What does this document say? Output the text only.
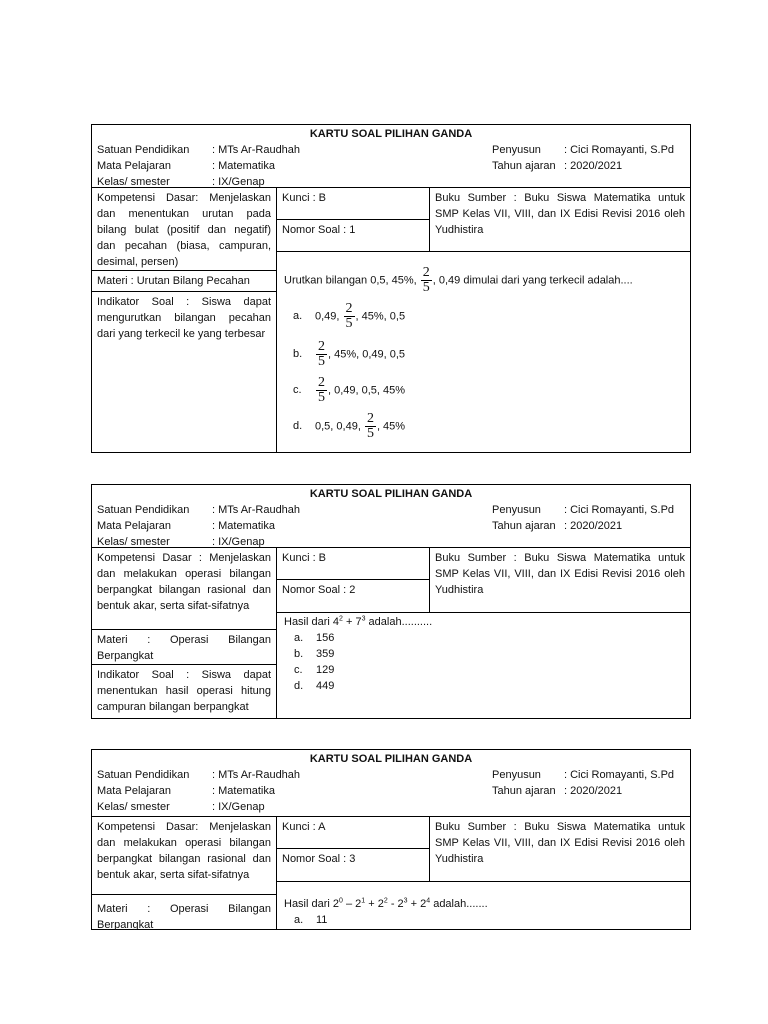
KARTU SOAL PILIHAN GANDA
Satuan Pendidikan : MTs Ar-Raudhah	Penyusun : Cici Romayanti, S.Pd
Mata Pelajaran	: Matematika	Tahun ajaran : 2020/2021
Kelas/ smester	: IX/Genap
Kompetensi Dasar: Menjelaskan dan menentukan urutan pada bilang bulat (positif dan negatif) dan pecahan (biasa, campuran, desimal, persen)
Materi : Urutan Bilang Pecahan
Indikator Soal : Siswa dapat mengurutkan bilangan pecahan dari yang terkecil ke yang terbesar
Kunci : B
Nomor Soal : 1
Buku Sumber : Buku Siswa Matematika untuk SMP Kelas VII, VIII, dan IX Edisi Revisi 2016 oleh Yudhistira
Urutkan bilangan 0,5, 45%, $\frac{2}{5}$ , 0,49 dimulai dari yang terkecil adalah....
a. 0,49, $\frac{2}{5}$ , 45%, 0,5
b. $\frac{2}{5}$ , 45%, 0,49, 0,5
c. $\frac{2}{5}$ , 0,49, 0,5, 45%
d. 0,5, 0,49, $\frac{2}{5}$ , 45%
KARTU SOAL PILIHAN GANDA
Satuan Pendidikan : MTs Ar-Raudhah	Penyusun : Cici Romayanti, S.Pd
Mata Pelajaran	: Matematika	Tahun ajaran : 2020/2021
Kelas/ smester	: IX/Genap
Kompetensi Dasar : Menjelaskan dan melakukan operasi bilangan berpangkat bilangan rasional dan bentuk akar, serta sifat-sifatnya
Materi : Operasi Bilangan Berpangkat
Indikator Soal : Siswa dapat menentukan hasil operasi hitung campuran bilangan berpangkat
Kunci : B
Nomor Soal : 2
Buku Sumber : Buku Siswa Matematika untuk SMP Kelas VII, VIII, dan IX Edisi Revisi 2016 oleh Yudhistira
Hasil dari $4^2 + 7^3$ adalah..........
a. 156
b. 359
c. 129
d. 449
KARTU SOAL PILIHAN GANDA
Satuan Pendidikan : MTs Ar-Raudhah	Penyusun : Cici Romayanti, S.Pd
Mata Pelajaran	: Matematika	Tahun ajaran : 2020/2021
Kelas/ smester	: IX/Genap
Kompetensi Dasar: Menjelaskan dan melakukan operasi bilangan berpangkat bilangan rasional dan bentuk akar, serta sifat-sifatnya
Materi : Operasi Bilangan Berpangkat
Kunci : A
Nomor Soal : 3
Buku Sumber : Buku Siswa Matematika untuk SMP Kelas VII, VIII, dan IX Edisi Revisi 2016 oleh Yudhistira
Hasil dari $2^0 - 2^1 + 2^2 - 2^3 + 2^4$ adalah.......
a. 11
